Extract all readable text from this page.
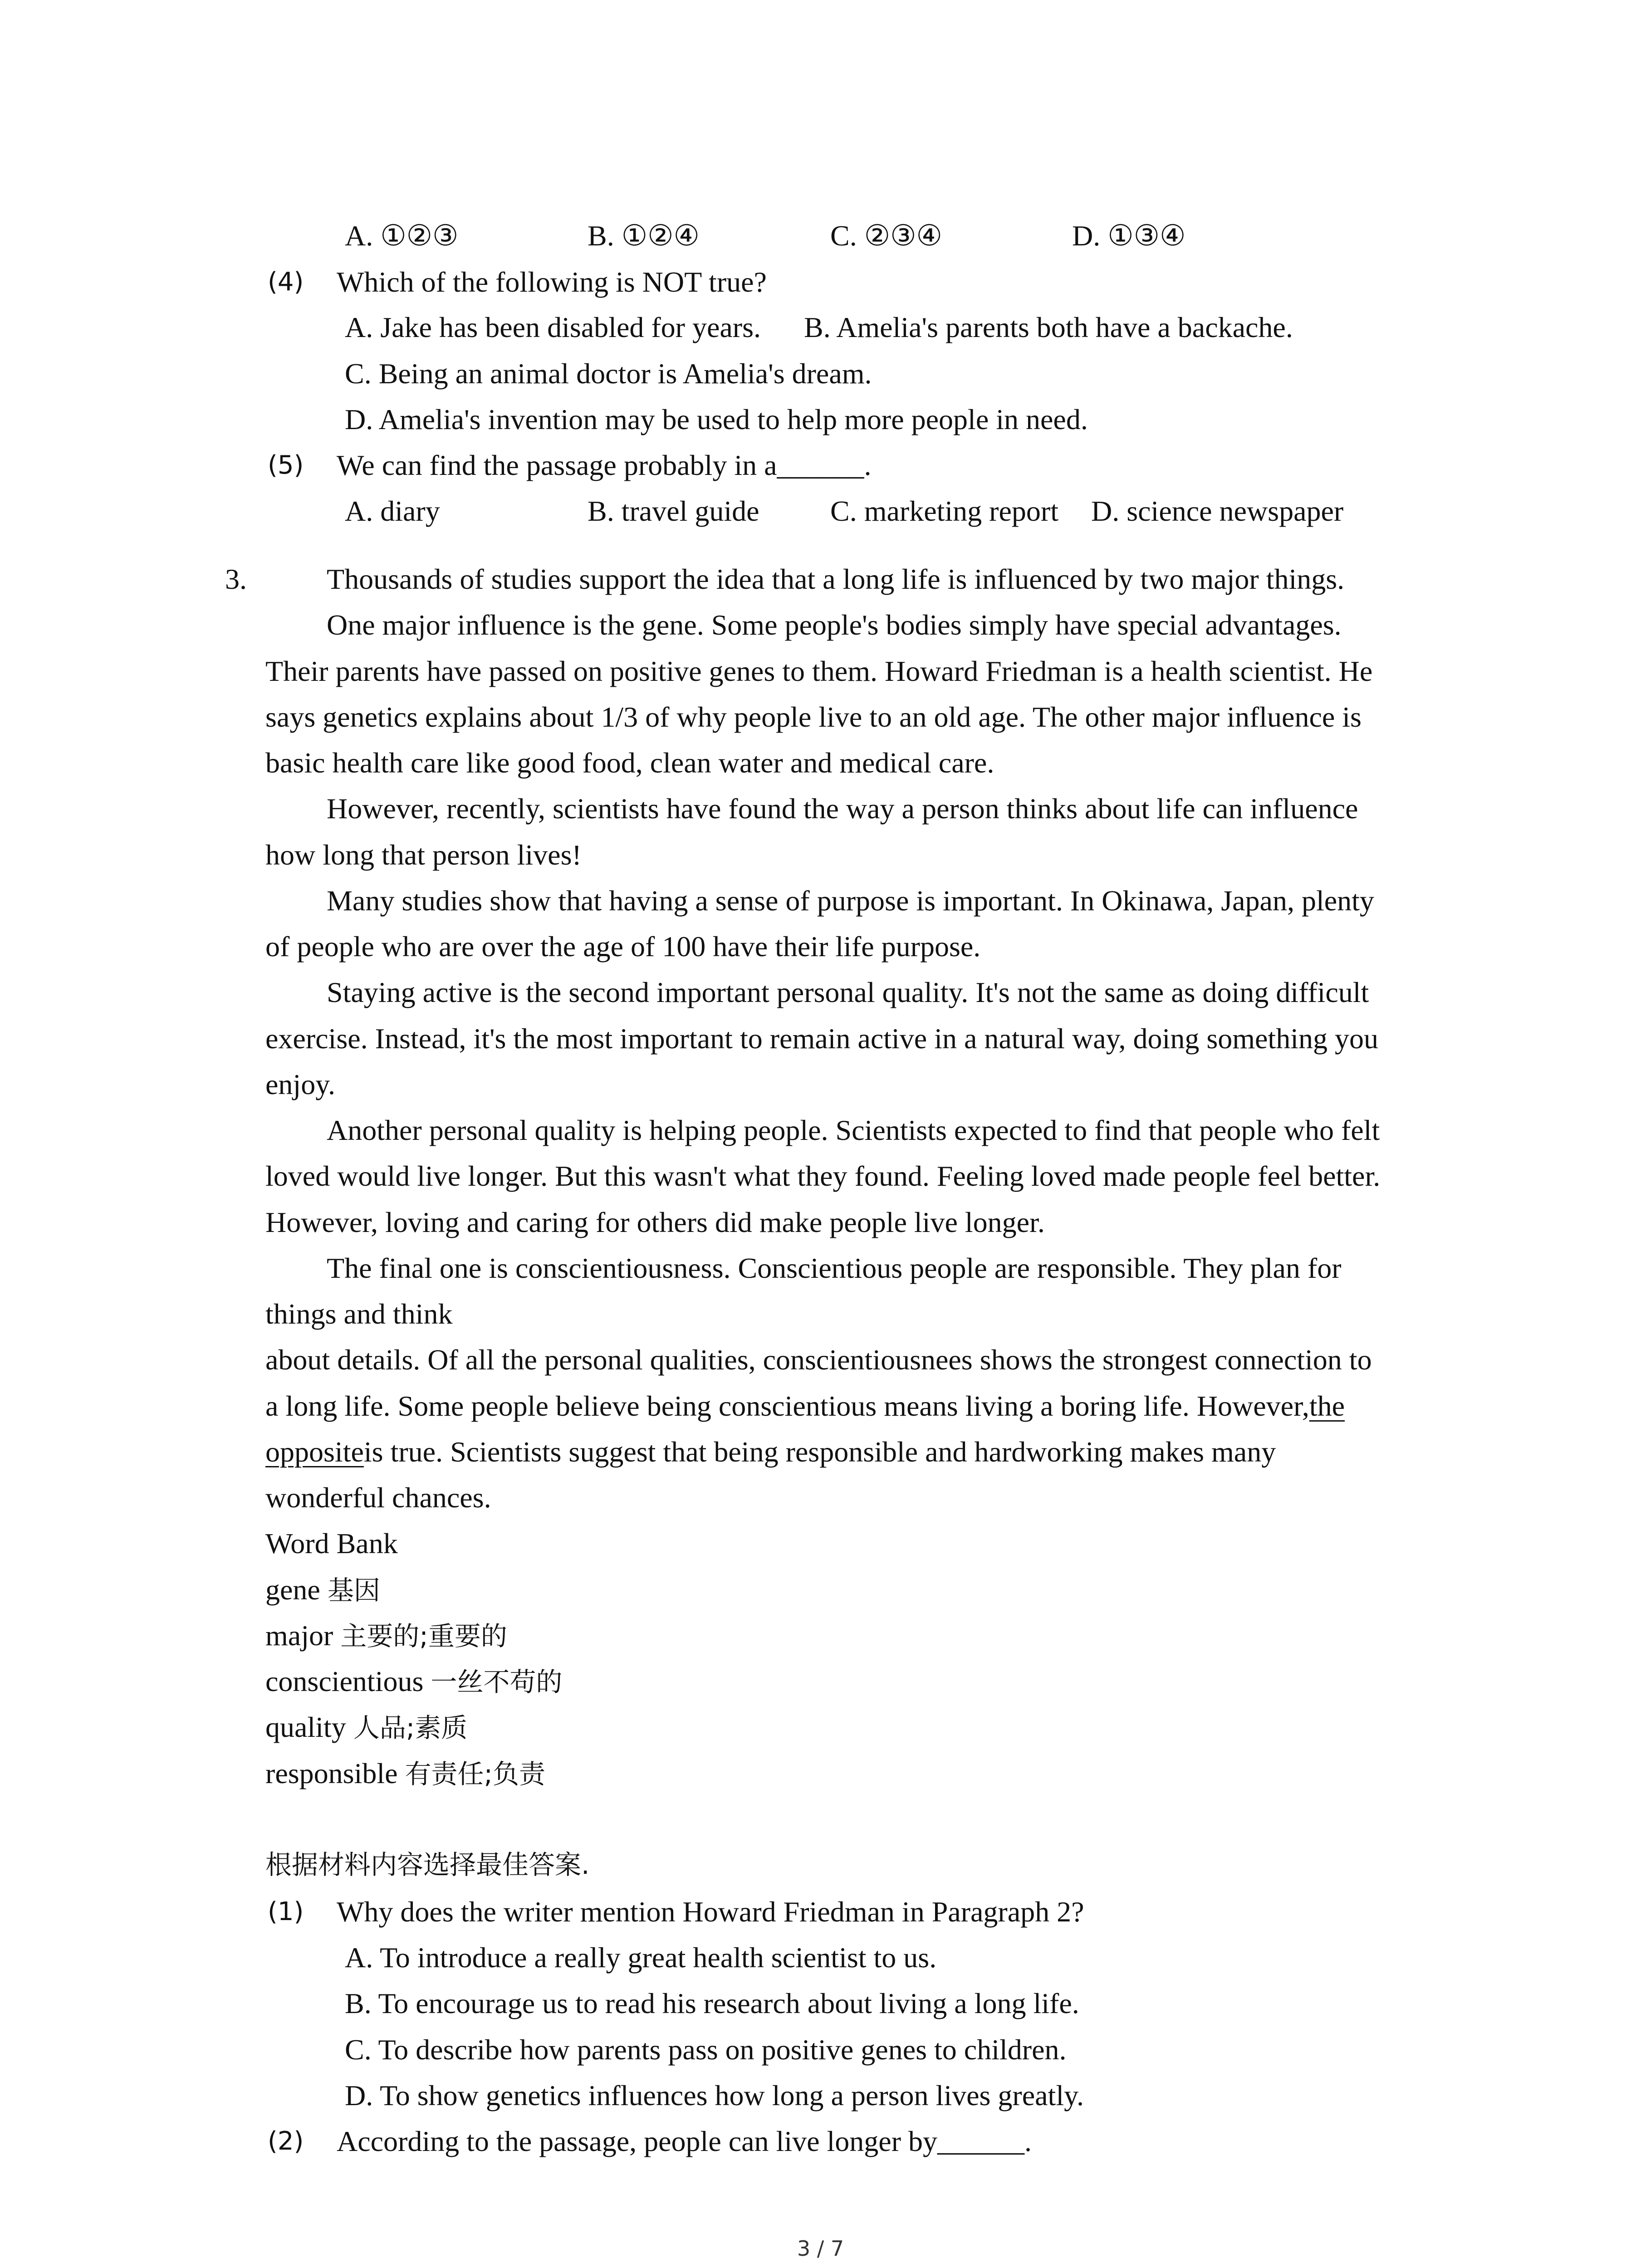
A. ①②③	B. ①②④	C. ②③④	D. ①③④
(4) Which of the following is NOT true?
A. Jake has been disabled for years. B. Amelia's parents both have a backache.
C. Being an animal doctor is Amelia's dream.
D. Amelia's invention may be used to help more people in need.
(5) We can find the passage probably in a______.
A. diary	B. travel guide C. marketing report D. science newspaper
3.	Thousands of studies support the idea that a long life is influenced by two major things.
One major influence is the gene. Some people's bodies simply have special advantages.
Their parents have passed on positive genes to them. Howard Friedman is a health scientist. He
says genetics explains about 1/3 of why people live to an old age. The other major influence is
basic health care like good food, clean water and medical care.
However, recently, scientists have found the way a person thinks about life can influence
how long that person lives!
Many studies show that having a sense of purpose is important. In Okinawa, Japan, plenty
of people who are over the age of 100 have their life purpose.
Staying active is the second important personal quality. It's not the same as doing difficult
exercise. Instead, it's the most important to remain active in a natural way, doing something you
enjoy.
Another personal quality is helping people. Scientists expected to find that people who felt
loved would live longer. But this wasn't what they found. Feeling loved made people feel better.
However, loving and caring for others did make people live longer.
The final one is conscientiousness. Conscientious people are responsible. They plan for
things and think
about details. Of all the personal qualities, conscientiousnees shows the strongest connection to
a long life. Some people believe being conscientious means living a boring life. However,the
oppositeis true. Scientists suggest that being responsible and hardworking makes many
wonderful chances.
Word Bank
gene 基因
major 主要的;重要的
conscientious 一丝不苟的
quality 人品;素质
responsible 有责任;负责
根据材料内容选择最佳答案.
(1) Why does the writer mention Howard Friedman in Paragraph 2?
A. To introduce a really great health scientist to us.
B. To encourage us to read his research about living a long life.
C. To describe how parents pass on positive genes to children.
D. To show genetics influences how long a person lives greatly.
(2) According to the passage, people can live longer by______.
3 / 7
